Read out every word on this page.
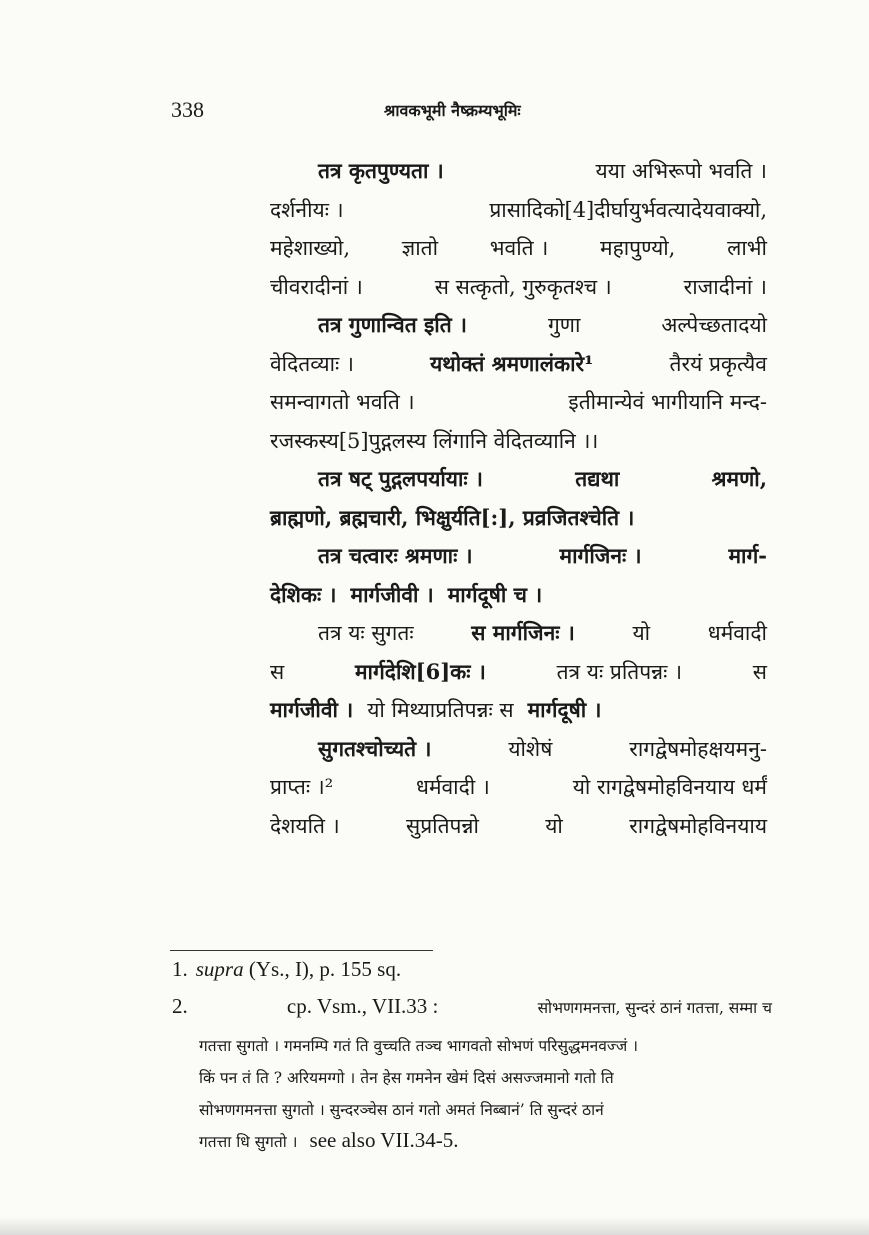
338	श्रावकभूमी नैष्क्रम्यभूमिः
तत्र कृतपुण्यता ।	यया अभिरूपो भवति ।
दर्शनीयः ।	प्रासादिको[4]दीर्घायुर्भवत्यादेयवाक्यो,
महेशाख्यो, ज्ञातो भवति । महापुण्यो, लाभी
चीवरादीनां ।	स सत्कृतो, गुरुकृतश्च ।	राजादीनां ।
तत्र गुणान्वित इति ।	गुणा	अल्पेच्छतादयो
वेदितव्याः ।	यथोक्तं श्रमणालंकारे¹	तैरयं प्रकृत्यैव
समन्वागतो भवति ।	इतीमान्येवं भागीयानि मन्द-
रजस्कस्य[5]पुद्गलस्य लिंगानि वेदितव्यानि ।।
तत्र षट् पुद्गलपर्यायाः ।	तद्यथा	श्रमणो,
ब्राह्मणो, ब्रह्मचारी, भिक्षुर्यति[:], प्रव्रजितश्चेति ।
तत्र चत्वारः श्रमणाः ।	मार्गजिनः ।	मार्ग-
देशिकः । मार्गजीवी । मार्गदूषी च ।
तत्र यः सुगतः	स मार्गजिनः ।	यो	धर्मवादी
स	मार्गदेशि[6]कः ।	तत्र यः प्रतिपन्नः ।	स
मार्गजीवी । यो मिथ्याप्रतिपन्नः स मार्गदूषी ।
सुगतश्चोच्यते ।	योशेषं	रागद्वेषमोहक्षयमनु-
प्राप्तः ।²	धर्मवादी ।	यो रागद्वेषमोहविनयाय धर्मं
देशयति ।	सुप्रतिपन्नो	यो	रागद्वेषमोहविनयाय
1. supra (Ys., I), p. 155 sq.
2.	cp. Vsm., VII.33 :	सोभणगमनत्ता, सुन्दरं ठानं गतत्ता, सम्मा च
गतत्ता सुगतो । गमनम्पि गतं ति वुच्चति तञ्च भागवतो सोभणं परिसुद्धमनवज्जं ।
किं पन तं ति ? अरियमग्गो । तेन हेस गमनेन खेमं दिसं असज्जमानो गतो ति
सोभणगमनत्ता सुगतो । सुन्दरञ्चेस ठानं गतो अमतं निब्बानं’ ति सुन्दरं ठानं
गतत्ता धि सुगतो । see also VII.34-5.
